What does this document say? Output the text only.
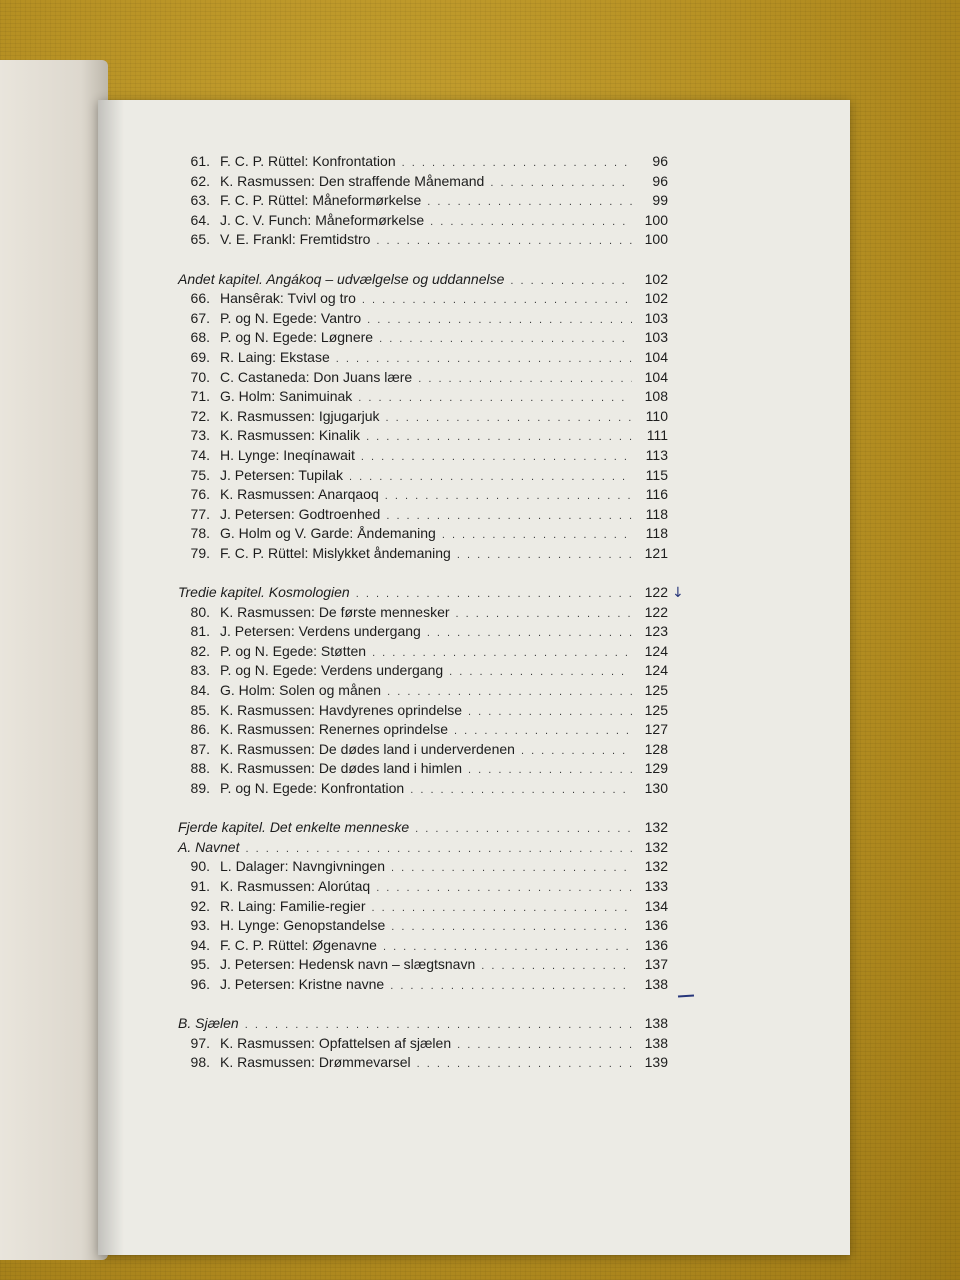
61. F. C. P. Rüttel: Konfrontation . . .	96
62. K. Rasmussen: Den straffende Månemand . . .	96
63. F. C. P. Rüttel: Måneformørkelse . . .	99
64. J. C. V. Funch: Måneformørkelse . . .	100
65. V. E. Frankl: Fremtidstro . . .	100
Andet kapitel. Angákoq – udvælgelse og uddannelse . . .	102
66. Hansêrak: Tvivl og tro . . .	102
67. P. og N. Egede: Vantro . . .	103
68. P. og N. Egede: Løgnere . . .	103
69. R. Laing: Ekstase . . .	104
70. C. Castaneda: Don Juans lære . . .	104
71. G. Holm: Sanimuinak . . .	108
72. K. Rasmussen: Igjugarjuk . . .	110
73. K. Rasmussen: Kinalik . . .	111
74. H. Lynge: Ineqínawait . . .	113
75. J. Petersen: Tupilak . . .	115
76. K. Rasmussen: Anarqaoq . . .	116
77. J. Petersen: Godtroenhed . . .	118
78. G. Holm og V. Garde: Åndemaning . . .	118
79. F. C. P. Rüttel: Mislykket åndemaning . . .	121
Tredie kapitel. Kosmologien . . .	122
80. K. Rasmussen: De første mennesker . . .	122
81. J. Petersen: Verdens undergang . . .	123
82. P. og N. Egede: Støtten . . .	124
83. P. og N. Egede: Verdens undergang . . .	124
84. G. Holm: Solen og månen . . .	125
85. K. Rasmussen: Havdyrenes oprindelse . . .	125
86. K. Rasmussen: Renernes oprindelse . . .	127
87. K. Rasmussen: De dødes land i underverdenen . . .	128
88. K. Rasmussen: De dødes land i himlen . . .	129
89. P. og N. Egede: Konfrontation . . .	130
Fjerde kapitel. Det enkelte menneske . . .	132
A. Navnet . . .	132
90. L. Dalager: Navngivningen . . .	132
91. K. Rasmussen: Alorútaq . . .	133
92. R. Laing: Familie-regier . . .	134
93. H. Lynge: Genopstandelse . . .	136
94. F. C. P. Rüttel: Øgenavne . . .	136
95. J. Petersen: Hedensk navn – slægtsnavn . . .	137
96. J. Petersen: Kristne navne . . .	138
B. Sjælen . . .	138
97. K. Rasmussen: Opfattelsen af sjælen . . .	138
98. K. Rasmussen: Drømmevarsel . . .	139
↓
